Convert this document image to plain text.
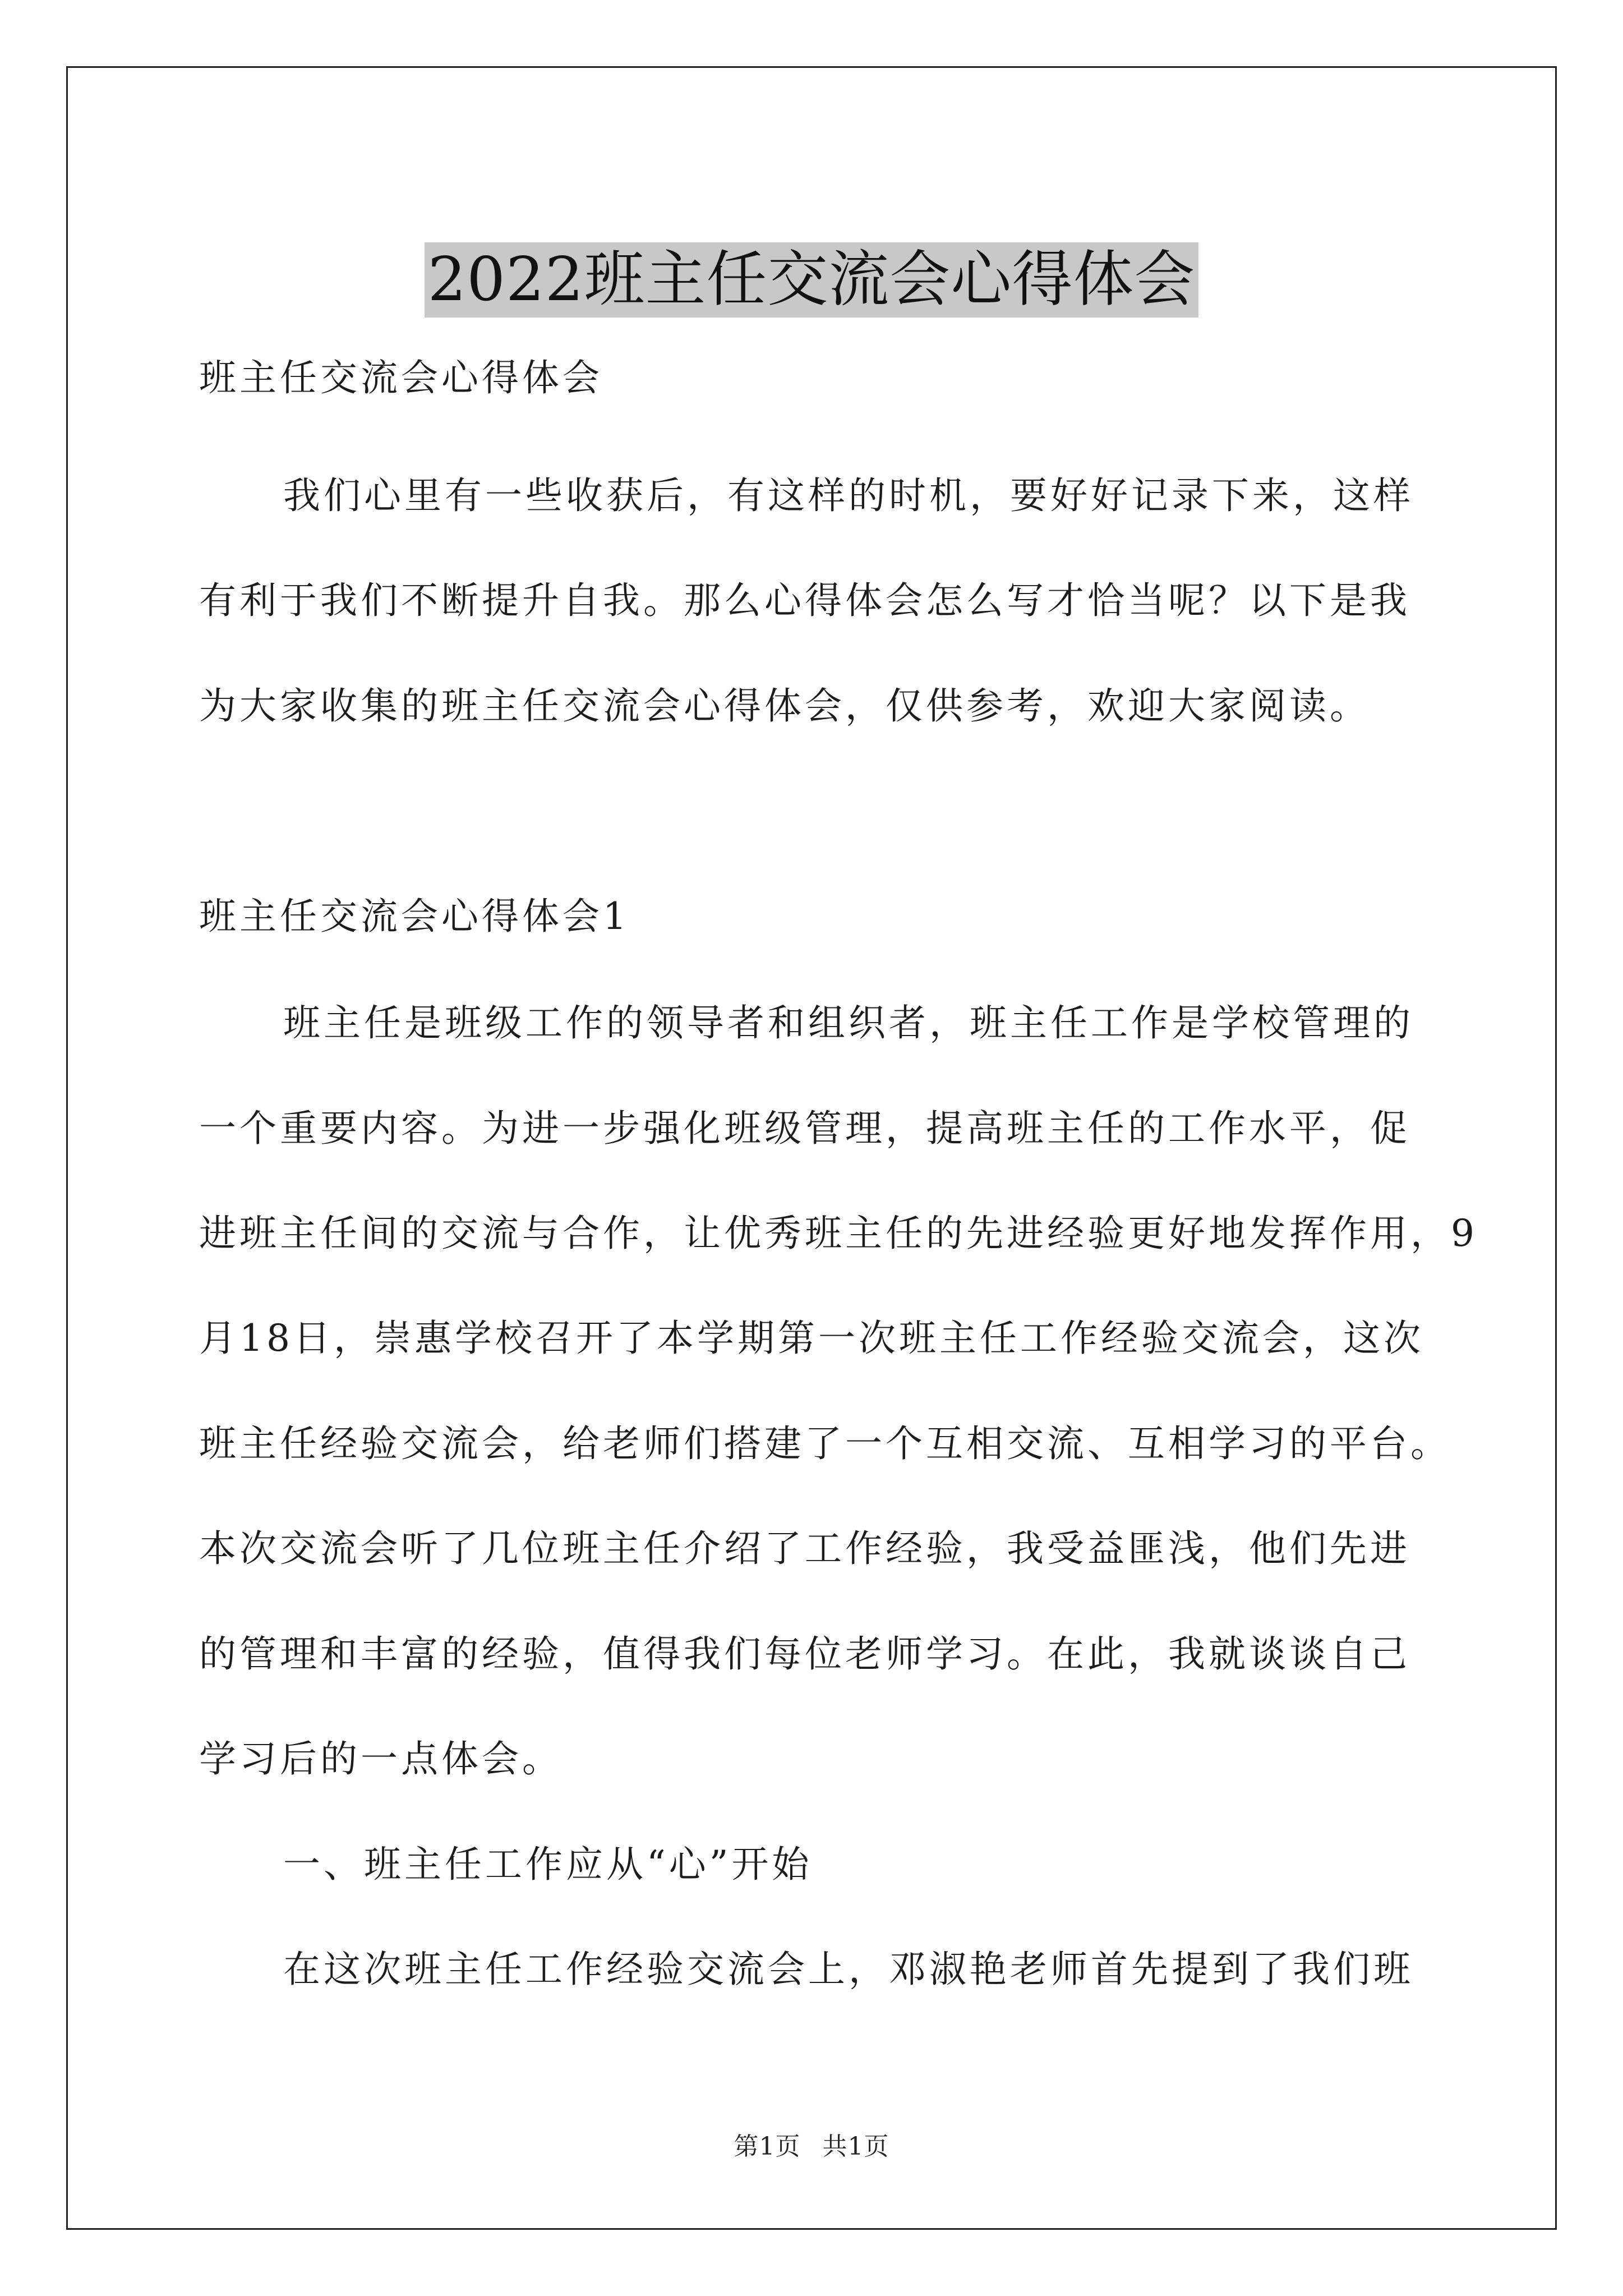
2022班主任交流会心得体会
班主任交流会心得体会
我们心里有一些收获后，有这样的时机，要好好记录下来，这样
有利于我们不断提升自我。那么心得体会怎么写才恰当呢？以下是我
为大家收集的班主任交流会心得体会，仅供参考，欢迎大家阅读。
班主任交流会心得体会1
班主任是班级工作的领导者和组织者，班主任工作是学校管理的
一个重要内容。为进一步强化班级管理，提高班主任的工作水平，促
进班主任间的交流与合作，让优秀班主任的先进经验更好地发挥作用，9
月18日，崇惠学校召开了本学期第一次班主任工作经验交流会，这次
班主任经验交流会，给老师们搭建了一个互相交流、互相学习的平台。
本次交流会听了几位班主任介绍了工作经验，我受益匪浅，他们先进
的管理和丰富的经验，值得我们每位老师学习。在此，我就谈谈自己
学习后的一点体会。
一、班主任工作应从“心”开始
在这次班主任工作经验交流会上，邓淑艳老师首先提到了我们班
第1页 共1页
